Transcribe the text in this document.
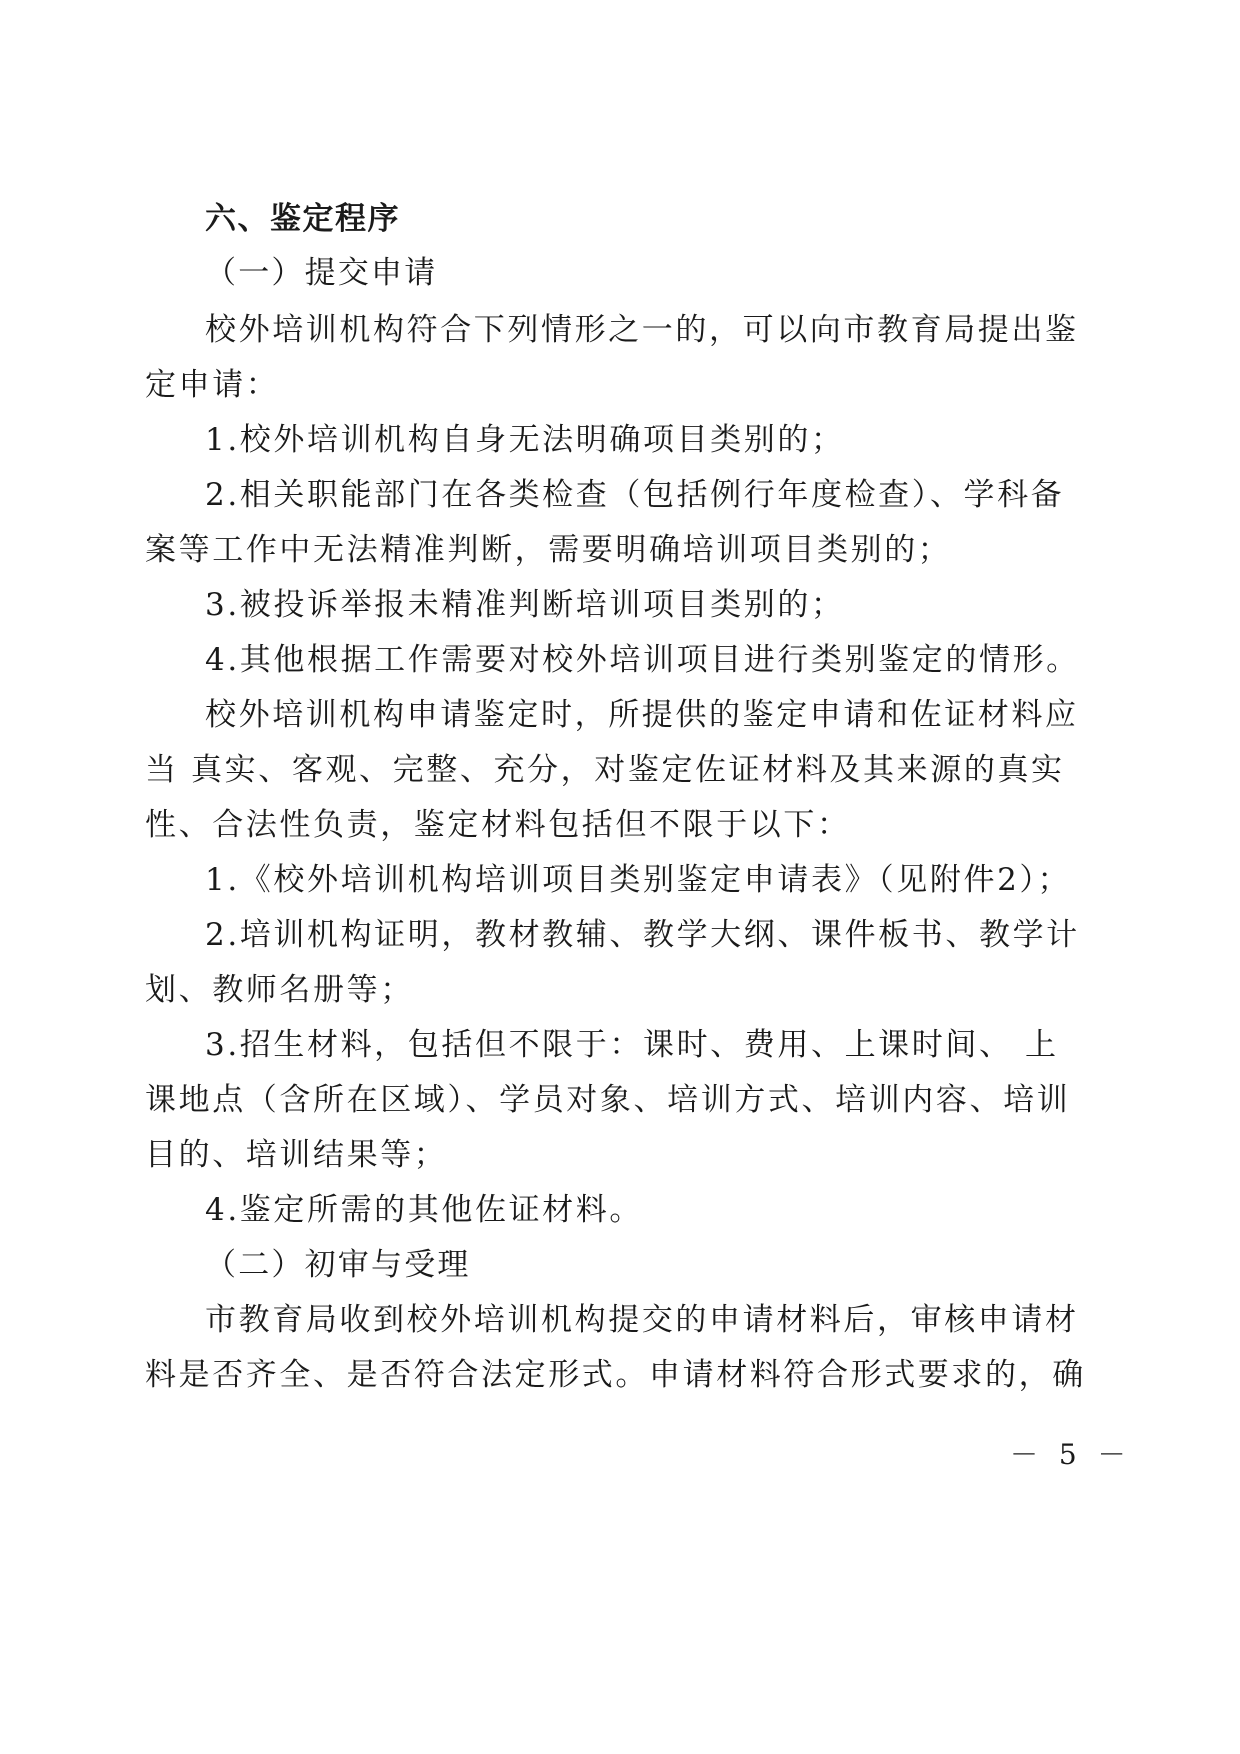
六、鉴定程序
（一）提交申请
校外培训机构符合下列情形之一的，可以向市教育局提出鉴
定申请：
1.校外培训机构自身无法明确项目类别的；
2.相关职能部门在各类检查（包括例行年度检查）、学科备
案等工作中无法精准判断，需要明确培训项目类别的；
3.被投诉举报未精准判断培训项目类别的；
4.其他根据工作需要对校外培训项目进行类别鉴定的情形。
校外培训机构申请鉴定时，所提供的鉴定申请和佐证材料应
当 真实、客观、完整、充分，对鉴定佐证材料及其来源的真实
性、合法性负责，鉴定材料包括但不限于以下：
1.《校外培训机构培训项目类别鉴定申请表》（见附件2）；
2.培训机构证明，教材教辅、教学大纲、课件板书、教学计
划、教师名册等；
3.招生材料，包括但不限于：课时、费用、上课时间、 上
课地点（含所在区域）、学员对象、培训方式、培训内容、培训
目的、培训结果等；
4.鉴定所需的其他佐证材料。
（二）初审与受理
市教育局收到校外培训机构提交的申请材料后，审核申请材
料是否齐全、是否符合法定形式。申请材料符合形式要求的，确
－ 5 －
